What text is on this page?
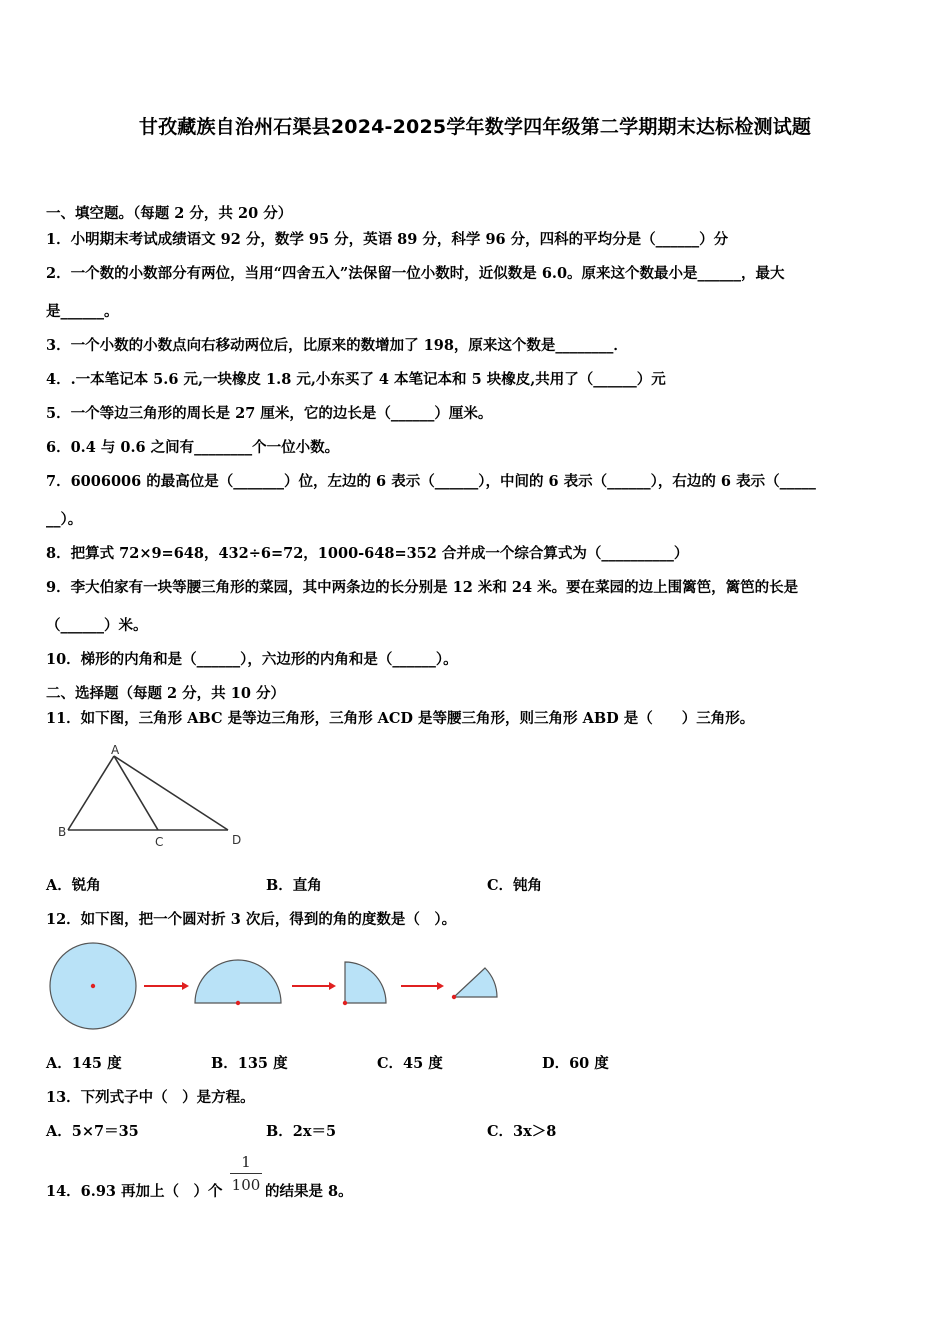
甘孜藏族自治州石渠县2024-2025学年数学四年级第二学期期末达标检测试题
一、填空题。（每题 2 分，共 20 分）
1．小明期末考试成绩语文 92 分，数学 95 分，英语 89 分，科学 96 分，四科的平均分是（______）分
2．一个数的小数部分有两位，当用“四舍五入”法保留一位小数时，近似数是 6.0。原来这个数最小是______，最大
是______。
3．一个小数的小数点向右移动两位后，比原来的数增加了 198，原来这个数是________．
4．.一本笔记本 5.6 元,一块橡皮 1.8 元,小东买了 4 本笔记本和 5 块橡皮,共用了（______）元
5．一个等边三角形的周长是 27 厘米，它的边长是（______）厘米。
6．0.4 与 0.6 之间有________个一位小数。
7．6006006 的最高位是（_______）位，左边的 6 表示（______），中间的 6 表示（______），右边的 6 表示（_____
__）。
8．把算式 72×9=648，432÷6=72，1000-648=352 合并成一个综合算式为（__________）
9．李大伯家有一块等腰三角形的菜园，其中两条边的长分别是 12 米和 24 米。要在菜园的边上围篱笆，篱笆的长是
（______）米。
10．梯形的内角和是（______），六边形的内角和是（______）。
二、选择题（每题 2 分，共 10 分）
11．如下图，三角形 ABC 是等边三角形，三角形 ACD 是等腰三角形，则三角形 ABD 是（　　）三角形。
A
B
C	D
A．锐角	B．直角	C．钝角
12．如下图，把一个圆对折 3 次后，得到的角的度数是（　）。
A．145 度	B．135 度	C．45 度	D．60 度
13．下列式子中（　）是方程。
A．5×7＝35	B．2x＝5	C．3x＞8
14．6.93 再加上（　）个
1
100 的结果是 8。
